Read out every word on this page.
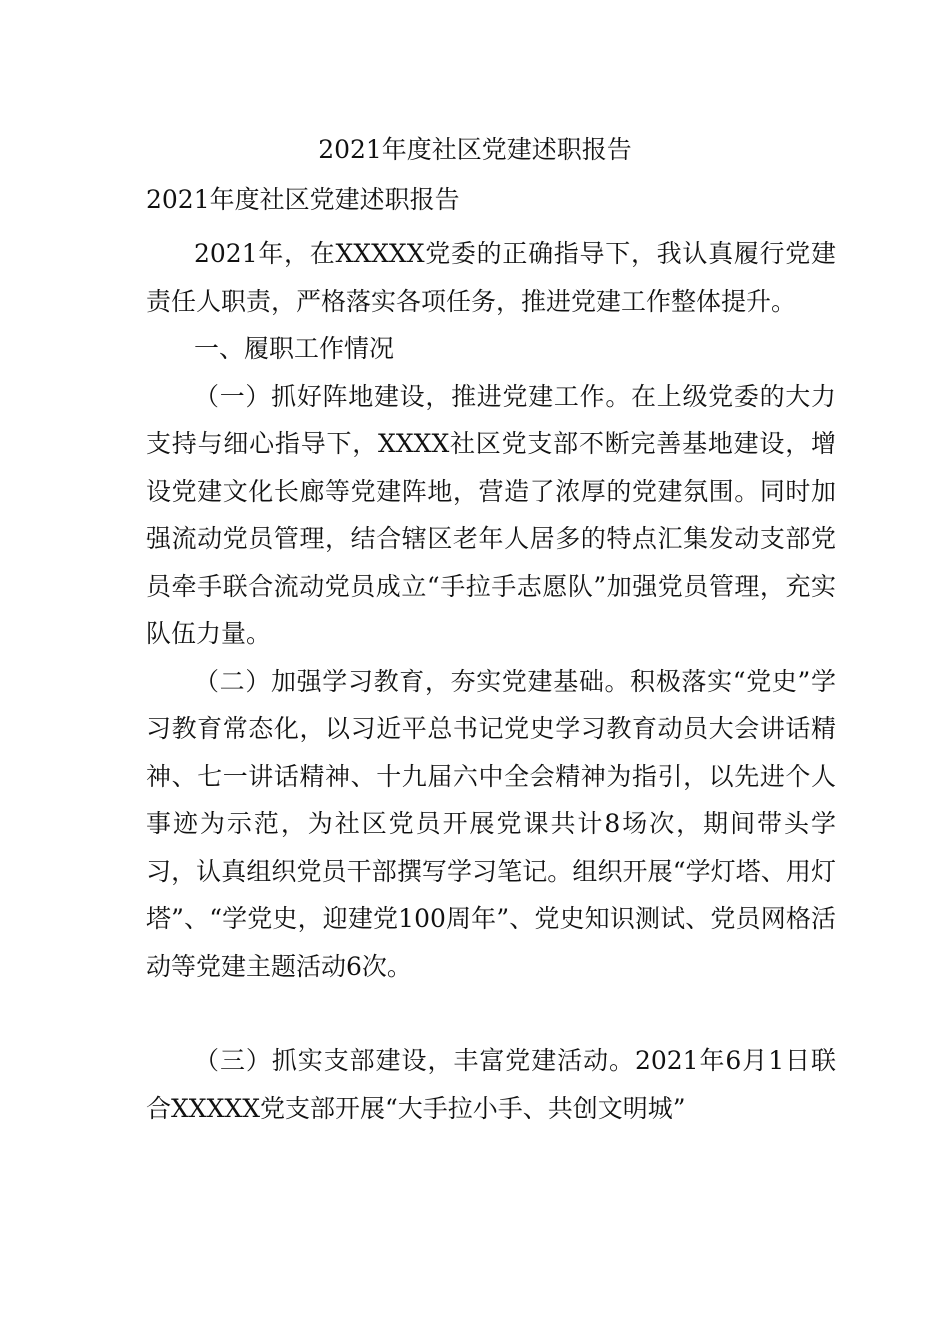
2021年度社区党建述职报告
2021年度社区党建述职报告

2021年，在XXXXX党委的正确指导下，我认真履行党建责任人职责，严格落实各项任务，推进党建工作整体提升。

一、履职工作情况

（一）抓好阵地建设，推进党建工作。在上级党委的大力支持与细心指导下，XXXX社区党支部不断完善基地建设，增设党建文化长廊等党建阵地，营造了浓厚的党建氛围。同时加强流动党员管理，结合辖区老年人居多的特点汇集发动支部党员牵手联合流动党员成立“手拉手志愿队”加强党员管理，充实队伍力量。

（二）加强学习教育，夯实党建基础。积极落实“党史”学习教育常态化，以习近平总书记党史学习教育动员大会讲话精神、七一讲话精神、十九届六中全会精神为指引，以先进个人事迹为示范，为社区党员开展党课共计8场次，期间带头学习，认真组织党员干部撰写学习笔记。组织开展“学灯塔、用灯塔”、“学党史，迎建党100周年”、党史知识测试、党员网格活动等党建主题活动6次。

（三）抓实支部建设，丰富党建活动。2021年6月1日联合XXXXX党支部开展“大手拉小手、共创文明城”
